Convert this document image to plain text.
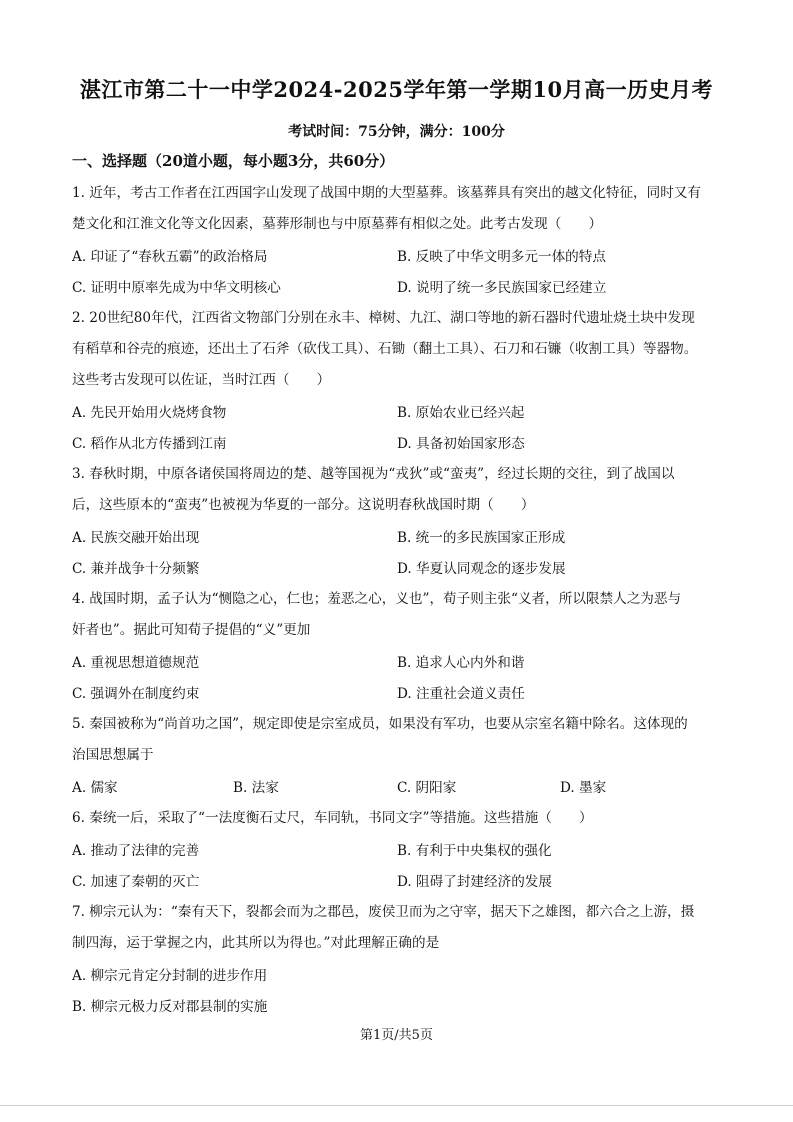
湛江市第二十一中学2024-2025学年第一学期10月高一历史月考
考试时间：75分钟，满分：100分
一、选择题（20道小题，每小题3分，共60分）
1. 近年，考古工作者在江西国字山发现了战国中期的大型墓葬。该墓葬具有突出的越文化特征，同时又有
楚文化和江淮文化等文化因素，墓葬形制也与中原墓葬有相似之处。此考古发现（　　）
A. 印证了“春秋五霸”的政治格局	B. 反映了中华文明多元一体的特点
C. 证明中原率先成为中华文明核心	D. 说明了统一多民族国家已经建立
2. 20世纪80年代，江西省文物部门分别在永丰、樟树、九江、湖口等地的新石器时代遗址烧土块中发现
有稻草和谷壳的痕迹，还出土了石斧（砍伐工具）、石锄（翻土工具）、石刀和石镰（收割工具）等器物。
这些考古发现可以佐证，当时江西（　　）
A. 先民开始用火烧烤食物	B. 原始农业已经兴起
C. 稻作从北方传播到江南	D. 具备初始国家形态
3. 春秋时期，中原各诸侯国将周边的楚、越等国视为“戎狄”或“蛮夷”，经过长期的交往，到了战国以
后，这些原本的“蛮夷”也被视为华夏的一部分。这说明春秋战国时期（　　）
A. 民族交融开始出现	B. 统一的多民族国家正形成
C. 兼并战争十分频繁	D. 华夏认同观念的逐步发展
4. 战国时期，孟子认为“恻隐之心，仁也；羞恶之心，义也”，荀子则主张“义者，所以限禁人之为恶与
奸者也”。据此可知荀子提倡的“义”更加
A. 重视思想道德规范	B. 追求人心内外和谐
C. 强调外在制度约束	D. 注重社会道义责任
5. 秦国被称为“尚首功之国”，规定即使是宗室成员，如果没有军功，也要从宗室名籍中除名。这体现的
治国思想属于
A. 儒家	B. 法家	C. 阴阳家	D. 墨家
6. 秦统一后，采取了“一法度衡石丈尺，车同轨，书同文字”等措施。这些措施（　　）
A. 推动了法律的完善	B. 有利于中央集权的强化
C. 加速了秦朝的灭亡	D. 阻碍了封建经济的发展
7. 柳宗元认为：“秦有天下，裂都会而为之郡邑，废侯卫而为之守宰，据天下之雄图，都六合之上游，摄
制四海，运于掌握之内，此其所以为得也。”对此理解正确的是
A. 柳宗元肯定分封制的进步作用
B. 柳宗元极力反对郡县制的实施
第1页/共5页
